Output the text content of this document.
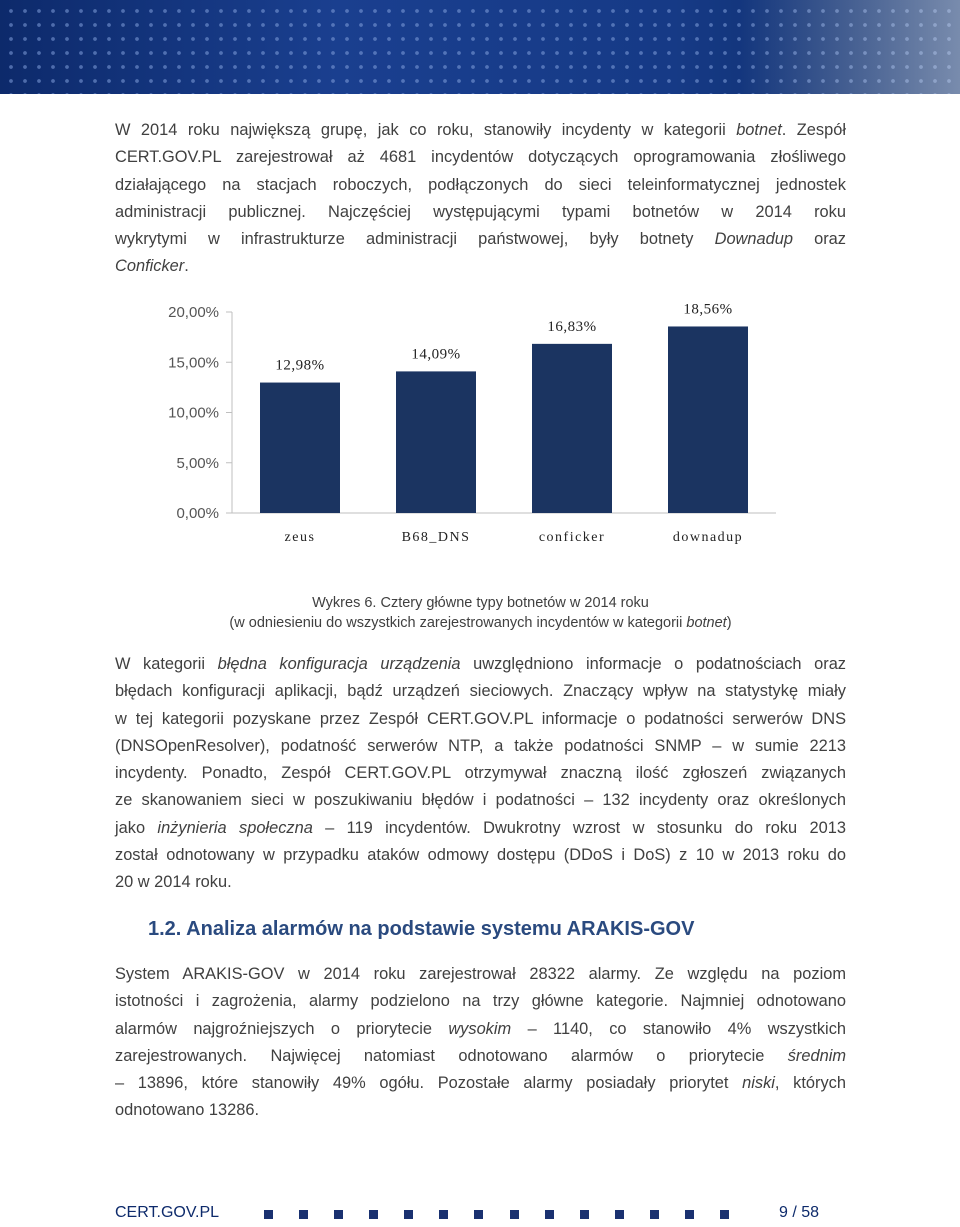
W 2014 roku największą grupę, jak co roku, stanowiły incydenty w kategorii botnet. Zespół
CERT.GOV.PL zarejestrował aż 4681 incydentów dotyczących oprogramowania złośliwego
działającego na stacjach roboczych, podłączonych do sieci teleinformatycznej jednostek
administracji publicznej. Najczęściej występującymi typami botnetów w 2014 roku
wykrytymi w infrastrukturze administracji państwowej, były botnety Downadup oraz
Conficker.
0,00%
5,00%
10,00%
15,00%
20,00%
12,98%
zeus
14,09%
B68_DNS
16,83%
conficker
18,56%
downadup
Wykres 6. Cztery główne typy botnetów w 2014 roku
(w odniesieniu do wszystkich zarejestrowanych incydentów w kategorii botnet)
W kategorii błędna konfiguracja urządzenia uwzględniono informacje o podatnościach oraz
błędach konfiguracji aplikacji, bądź urządzeń sieciowych. Znaczący wpływ na statystykę miały
w tej kategorii pozyskane przez Zespół CERT.GOV.PL informacje o podatności serwerów DNS
(DNSOpenResolver), podatność serwerów NTP, a także podatności SNMP – w sumie 2213
incydenty. Ponadto, Zespół CERT.GOV.PL otrzymywał znaczną ilość zgłoszeń związanych
ze skanowaniem sieci w poszukiwaniu błędów i podatności – 132 incydenty oraz określonych
jako inżynieria społeczna – 119 incydentów. Dwukrotny wzrost w stosunku do roku 2013
został odnotowany w przypadku ataków odmowy dostępu (DDoS i DoS) z 10 w 2013 roku do
20 w 2014 roku.
1.2. Analiza alarmów na podstawie systemu ARAKIS-GOV
System ARAKIS-GOV w 2014 roku zarejestrował 28322 alarmy. Ze względu na poziom
istotności i zagrożenia, alarmy podzielono na trzy główne kategorie. Najmniej odnotowano
alarmów najgroźniejszych o priorytecie wysokim – 1140, co stanowiło 4% wszystkich
zarejestrowanych. Najwięcej natomiast odnotowano alarmów o priorytecie średnim
– 13896, które stanowiły 49% ogółu. Pozostałe alarmy posiadały priorytet niski, których
odnotowano 13286.
CERT.GOV.PL	9 / 58
